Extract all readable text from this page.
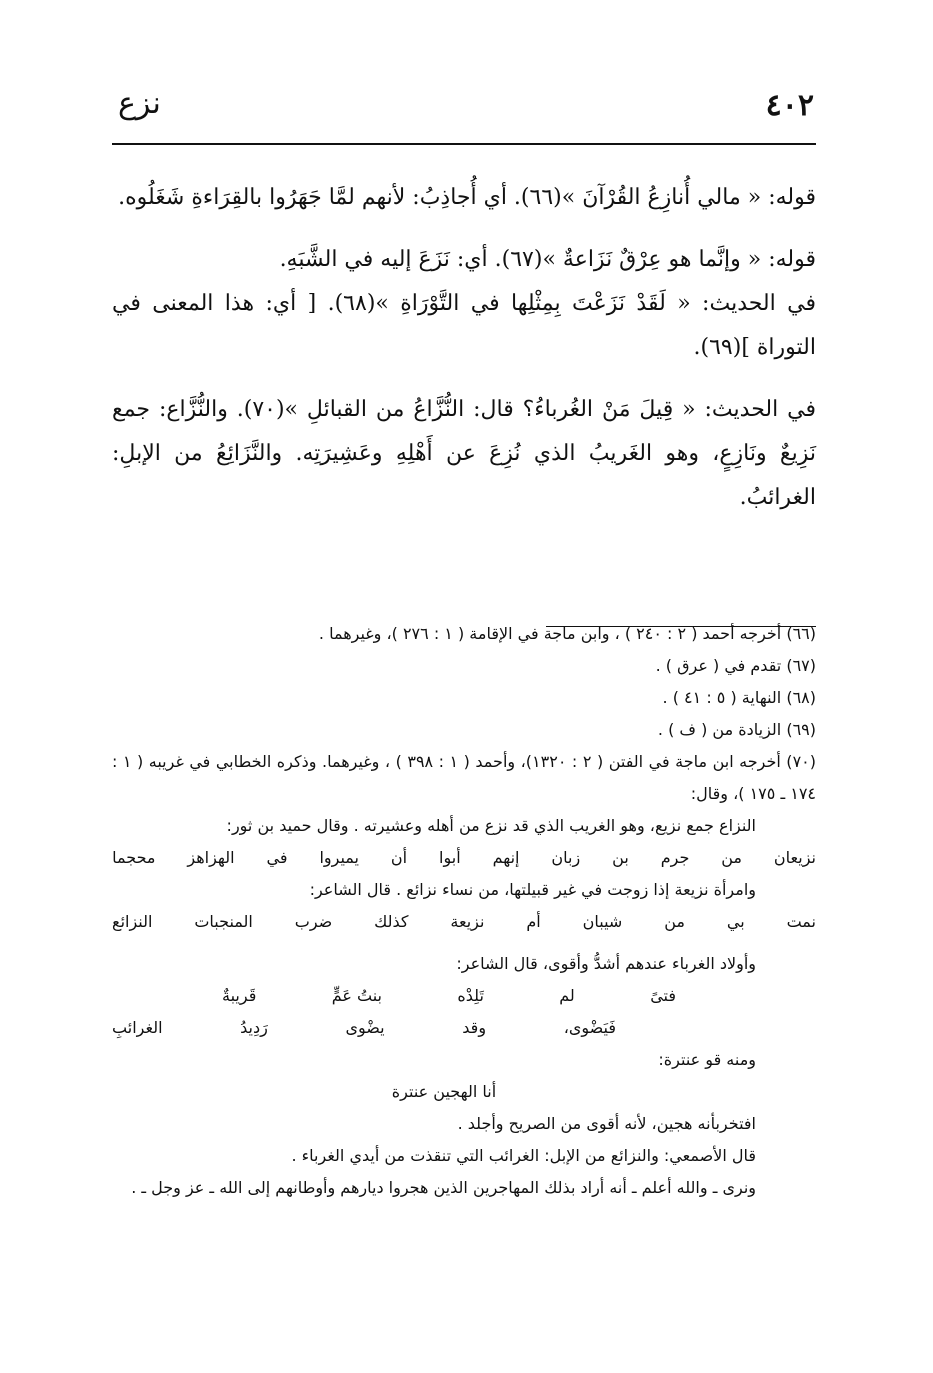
٤٠٢
نزع

قوله: « مالي أُنازِعُ القُرْآنَ »(٦٦). أي أُجاذِبُ: لأنهم لمَّا جَهَرُوا بالقِرَاءةِ شَغَلُوه.

قوله: « وإنَّما هو عِرْقٌ نَزَاعةٌ »(٦٧). أي: نَزَعَ إليه في الشَّبَهِ.

في الحديث: « لَقَدْ نَزَعْتَ بِمِثْلِها في التَّوْرَاةِ »(٦٨). [ أي: هذا المعنى في التوراة ](٦٩).

في الحديث: « قِيلَ مَنْ الغُرباءُ؟ قال: النُّزَّاعُ من القبائلِ »(٧٠). والنُّزَّاع: جمع نَزِيعٌ ونَازِعٍ، وهو الغَريبُ الذي نُزِعَ عن أَهْلِهِ وعَشِيرَتِه. والنَّزَائِعُ من الإبلِ: الغرائبُ.

(٦٦) أخرجه أحمد ( ٢ : ٢٤٠ ) ، وابن ماجة في الإقامة ( ١ : ٢٧٦ )، وغيرهما .

(٦٧) تقدم في ( عرق ) .

(٦٨) النهاية ( ٥ : ٤١ ) .

(٦٩) الزيادة من ( ف ) .

(٧٠) أخرجه ابن ماجة في الفتن ( ٢ : ١٣٢٠)، وأحمد ( ١ : ٣٩٨ ) ، وغيرهما. وذكره الخطابي في غريبه ( ١ : ١٧٤ ـ ١٧٥ )، وقال:

النزاع جمع نزيع، وهو الغريب الذي قد نزع من أهله وعشيرته . وقال حميد بن ثور:

نزيعان
من
جرم
بن
زبان
إنهم
أبوا
أن
يميروا
في
الهزاهز
محجما

وامرأة نزيعة إذا زوجت في غير قبيلتها، من نساء نزائع . قال الشاعر:

نمت
بي
من
شيبان
أم
نزيعة
كذلك
ضرب
المنجبات
النزائع

وأولاد الغرباء عندهم أشدُّ وأقوى، قال الشاعر:

فتىً
لم
تَلِدْه
بنتُ عَمٍّ
قَريبةٌ
فَيَضْوى،
وقد
يضْوى
رَدِيدُ
الغرائبِ

ومنه قو عنترة:

أنا الهجين عنترة

افتخربأنه هجين، لأنه أقوى من الصريح وأجلد .

قال الأصمعي: والنزائع من الإبل: الغرائب التي تنقذت من أيدي الغرباء .

ونرى ـ والله أعلم ـ أنه أراد بذلك المهاجرين الذين هجروا ديارهم وأوطانهم إلى الله ـ عز وجل ـ .
